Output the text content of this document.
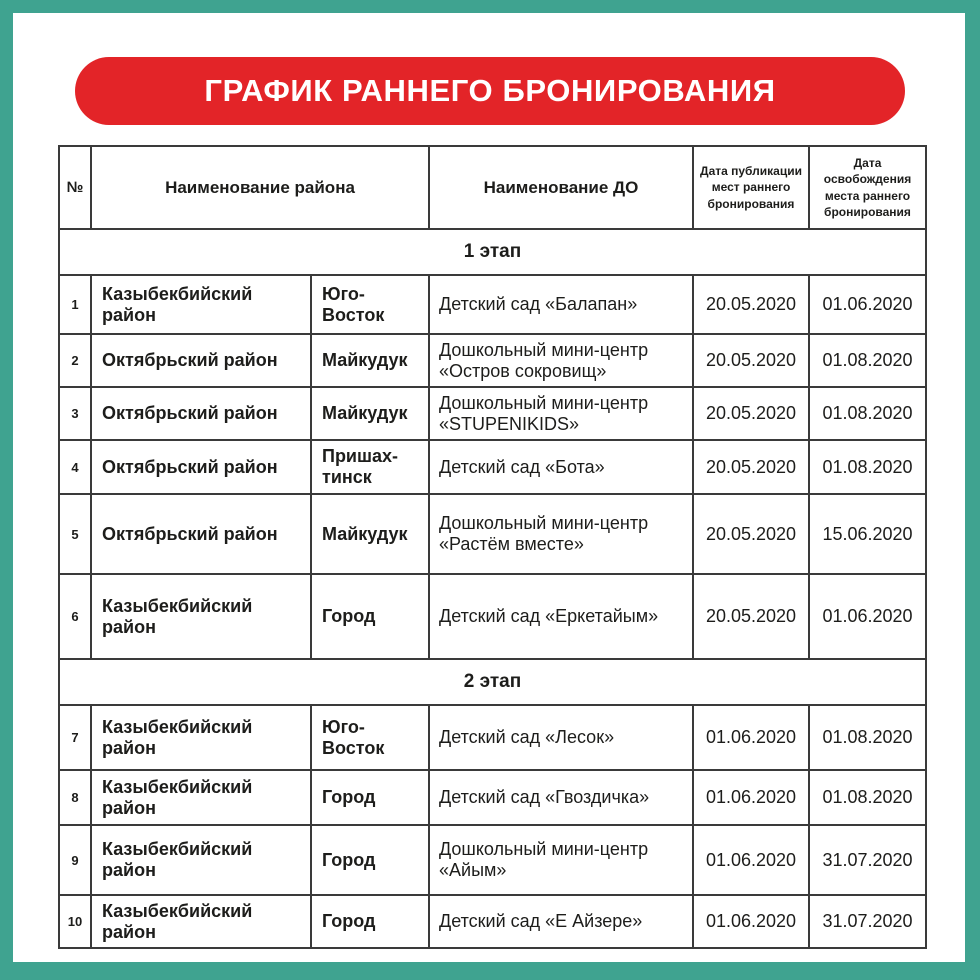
ГРАФИК РАННЕГО БРОНИРОВАНИЯ
№	Наименование района		Наименование ДО	Дата публикации мест раннего бронирования	Дата освобождения места раннего бронирования
1 этап					
1	Казыбекбийский район	Юго-Восток	Детский сад «Балапан»	20.05.2020	01.06.2020
2	Октябрьский район	Майкудук	Дошкольный мини-центр «Остров сокровищ»	20.05.2020	01.08.2020
3	Октябрьский район	Майкудук	Дошкольный мини-центр «STUPENIKIDS»	20.05.2020	01.08.2020
4	Октябрьский район	Пришах-тинск	Детский сад «Бота»	20.05.2020	01.08.2020
5	Октябрьский район	Майкудук	Дошкольный мини-центр «Растём вместе»	20.05.2020	15.06.2020
6	Казыбекбийский район	Город	Детский сад «Еркетайым»	20.05.2020	01.06.2020
2 этап					
7	Казыбекбийский район	Юго-Восток	Детский сад «Лесок»	01.06.2020	01.08.2020
8	Казыбекбийский район	Город	Детский сад «Гвоздичка»	01.06.2020	01.08.2020
9	Казыбекбийский район	Город	Дошкольный мини-центр «Айым»	01.06.2020	31.07.2020
10	Казыбекбийский район	Город	Детский сад «Е Айзере»	01.06.2020	31.07.2020
